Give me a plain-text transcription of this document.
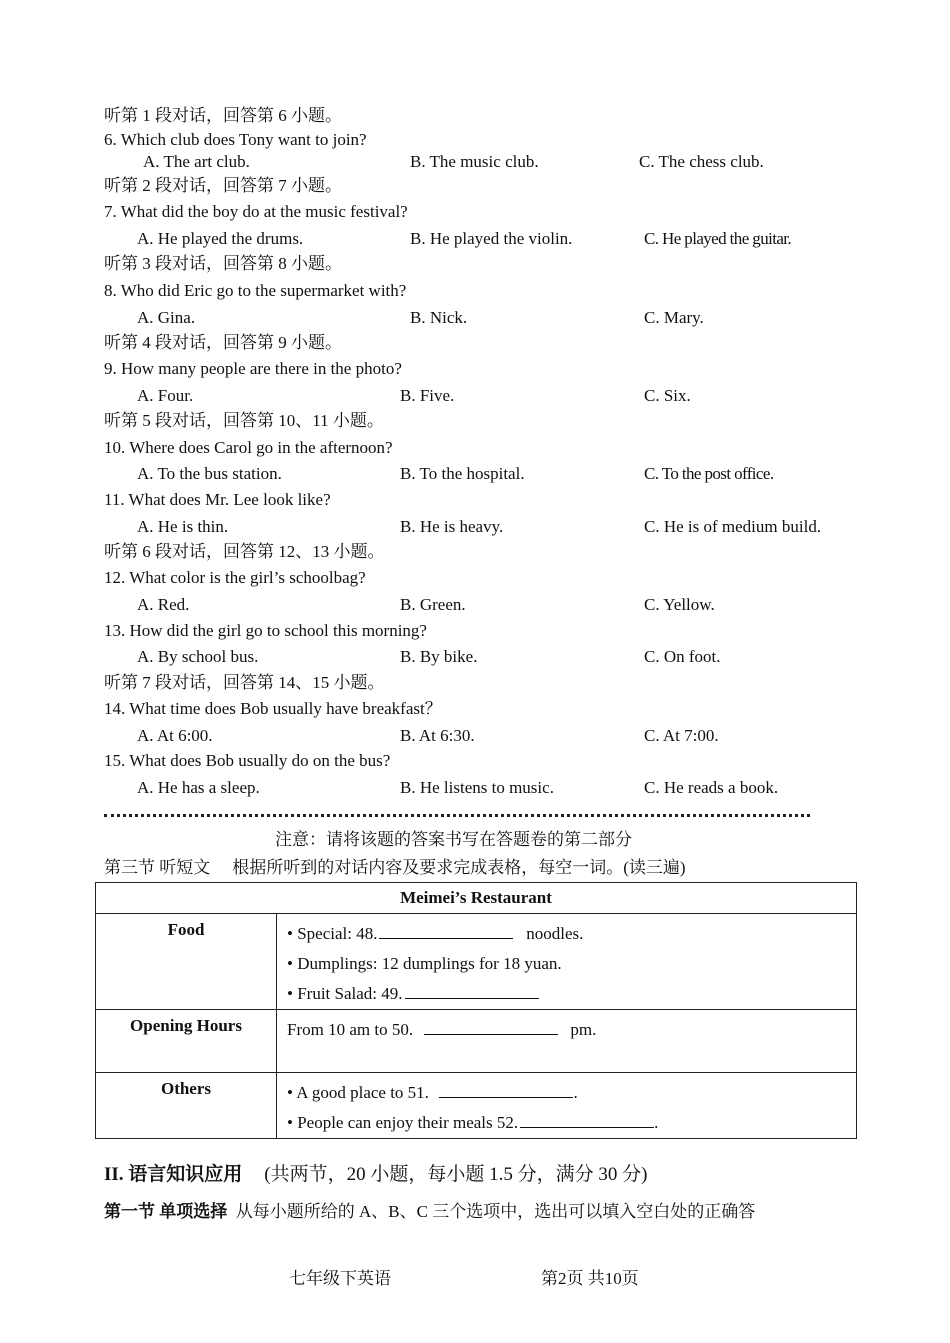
听第 1 段对话，回答第 6 小题。
6. Which club does Tony want to join?
A. The art club.	B. The music club.	C. The chess club.
听第 2 段对话，回答第 7 小题。
7. What did the boy do at the music festival?
A. He played the drums.	B. He played the violin.	C. He played the guitar.
听第 3 段对话，回答第 8 小题。
8. Who did Eric go to the supermarket with?
A. Gina.	B. Nick.	C. Mary.
听第 4 段对话，回答第 9 小题。
9. How many people are there in the photo?
A. Four.	B. Five.	C. Six.
听第 5 段对话，回答第 10、11 小题。
10. Where does Carol go in the afternoon?
A. To the bus station.	B. To the hospital.	C. To the post office.
11. What does Mr. Lee look like?
A. He is thin.	B. He is heavy.	C. He is of medium build.
听第 6 段对话，回答第 12、13 小题。
12. What color is the girl’s schoolbag?
A. Red.	B. Green.	C. Yellow.
13. How did the girl go to school this morning?
A. By school bus.	B. By bike.	C. On foot.
听第 7 段对话，回答第 14、15 小题。
14. What time does Bob usually have breakfast？
A. At 6:00.	B. At 6:30.	C. At 7:00.
15. What does Bob usually do on the bus?
A. He has a sleep.	B. He listens to music.	C. He reads a book.
注意：请将该题的答案书写在答题卷的第二部分
第三节 听短文 根据所听到的对话内容及要求完成表格，每空一词。(读三遍)
Meimei’s Restaurant	
Food	• Special: 48. noodles.
• Dumplings: 12 dumplings for 18 yuan.
• Fruit Salad: 49.

Opening Hours	From 10 am to 50. pm.

Others	• A good place to 51. .
• People can enjoy their meals 52. .
II. 语言知识应用 (共两节，20 小题，每小题 1.5 分，满分 30 分)
第一节 单项选择 从每小题所给的 A、B、C 三个选项中，选出可以填入空白处的正确答
七年级下英语	第2页 共10页
